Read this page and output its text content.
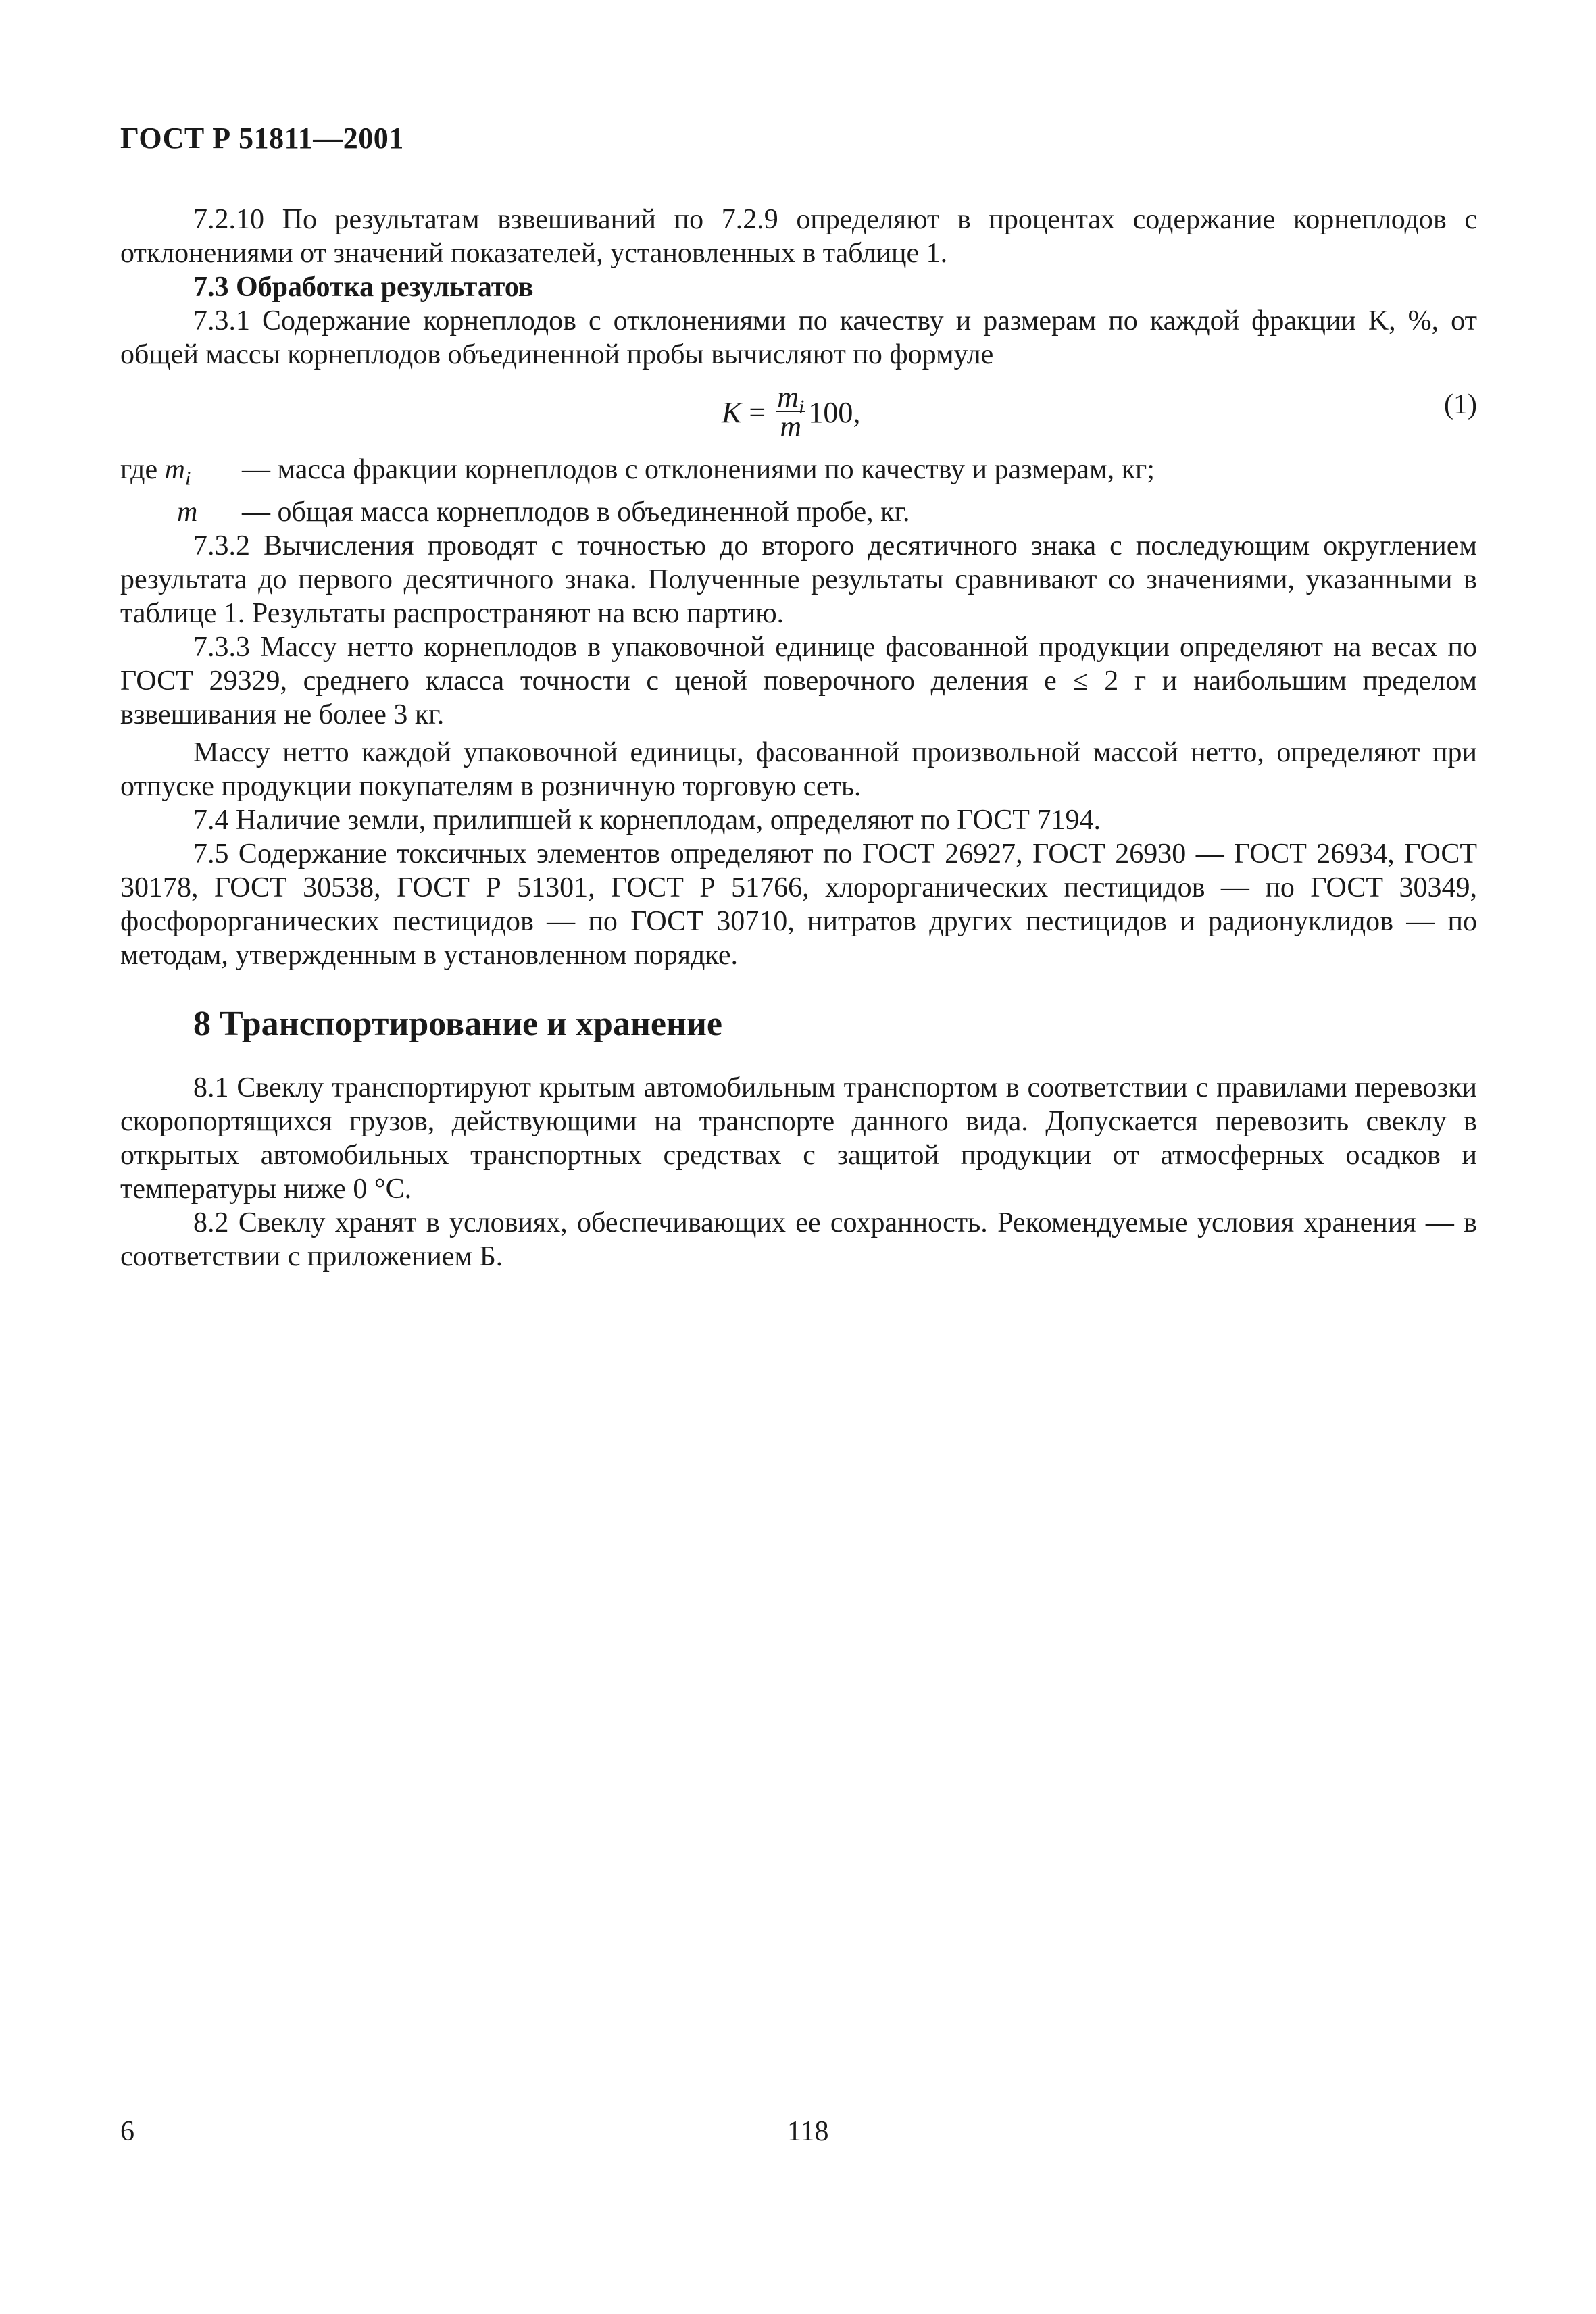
ГОСТ Р 51811—2001

7.2.10 По результатам взвешиваний по 7.2.9 определяют в процентах содержание корнеплодов с отклонениями от значений показателей, установленных в таблице 1.

7.3 Обработка результатов

7.3.1 Содержание корнеплодов с отклонениями по качеству и размерам по каждой фракции K, %, от общей массы корнеплодов объединенной пробы вычисляют по формуле

$K = \frac{m_i}{m} 100$,	(1)
где $m_i$	— масса фракции корнеплодов с отклонениями по качеству и размерам, кг;
m	— общая масса корнеплодов в объединенной пробе, кг.

7.3.2 Вычисления проводят с точностью до второго десятичного знака с последующим округлением результата до первого десятичного знака. Полученные результаты сравнивают со значениями, указанными в таблице 1. Результаты распространяют на всю партию.

7.3.3 Массу нетто корнеплодов в упаковочной единице фасованной продукции определяют на весах по ГОСТ 29329, среднего класса точности с ценой поверочного деления e ≤ 2 г и наибольшим пределом взвешивания не более 3 кг.

Массу нетто каждой упаковочной единицы, фасованной произвольной массой нетто, определяют при отпуске продукции покупателям в розничную торговую сеть.

7.4 Наличие земли, прилипшей к корнеплодам, определяют по ГОСТ 7194.

7.5 Содержание токсичных элементов определяют по ГОСТ 26927, ГОСТ 26930 — ГОСТ 26934, ГОСТ 30178, ГОСТ 30538, ГОСТ Р 51301, ГОСТ Р 51766, хлорорганических пестицидов — по ГОСТ 30349, фосфорорганических пестицидов — по ГОСТ 30710, нитратов других пестицидов и радионуклидов — по методам, утвержденным в установленном порядке.

8 Транспортирование и хранение

8.1 Свеклу транспортируют крытым автомобильным транспортом в соответствии с правилами перевозки скоропортящихся грузов, действующими на транспорте данного вида. Допускается перевозить свеклу в открытых автомобильных транспортных средствах с защитой продукции от атмосферных осадков и температуры ниже 0 °С.

8.2 Свеклу хранят в условиях, обеспечивающих ее сохранность. Рекомендуемые условия хранения — в соответствии с приложением Б.

6	118
